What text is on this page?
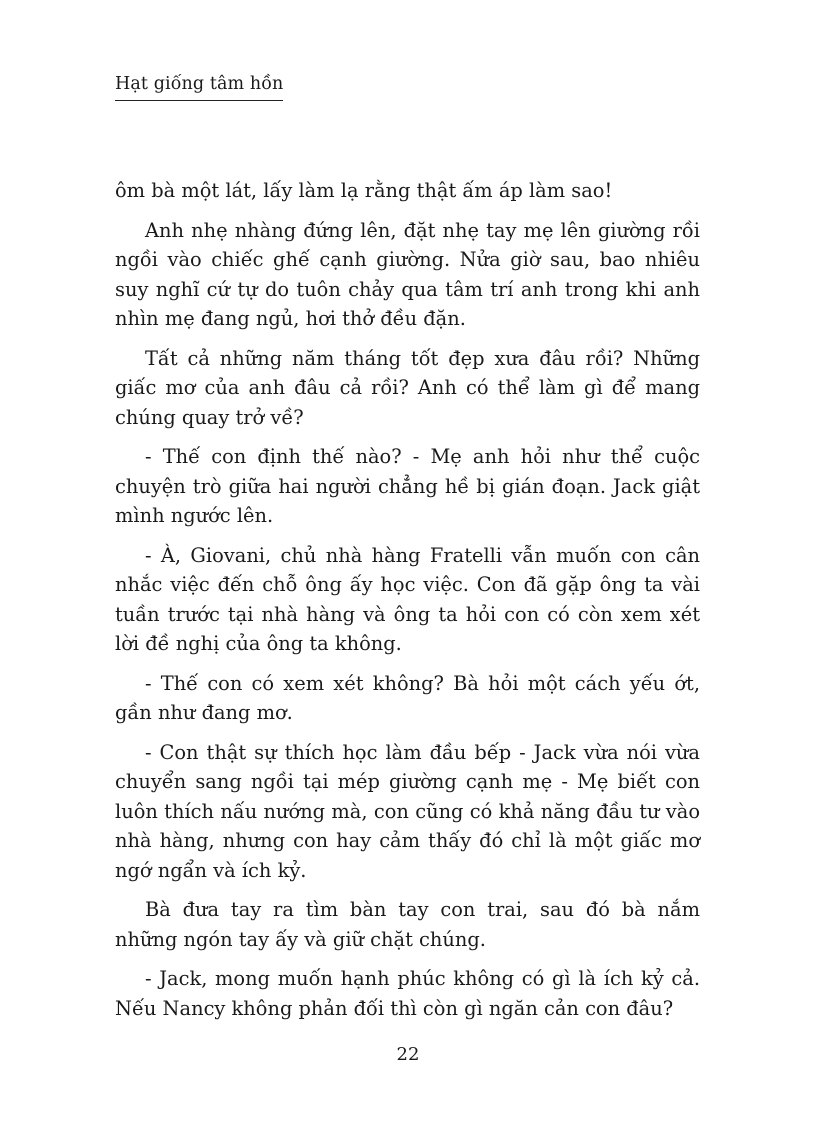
Hạt giống tâm hồn

ôm bà một lát, lấy làm lạ rằng thật ấm áp làm sao!

Anh nhẹ nhàng đứng lên, đặt nhẹ tay mẹ lên giường rồi ngồi vào chiếc ghế cạnh giường. Nửa giờ sau, bao nhiêu suy nghĩ cứ tự do tuôn chảy qua tâm trí anh trong khi anh nhìn mẹ đang ngủ, hơi thở đều đặn.

Tất cả những năm tháng tốt đẹp xưa đâu rồi? Những giấc mơ của anh đâu cả rồi? Anh có thể làm gì để mang chúng quay trở về?

- Thế con định thế nào? - Mẹ anh hỏi như thể cuộc chuyện trò giữa hai người chẳng hề bị gián đoạn. Jack giật mình ngước lên.

- À, Giovani, chủ nhà hàng Fratelli vẫn muốn con cân nhắc việc đến chỗ ông ấy học việc. Con đã gặp ông ta vài tuần trước tại nhà hàng và ông ta hỏi con có còn xem xét lời đề nghị của ông ta không.

- Thế con có xem xét không? Bà hỏi một cách yếu ớt, gần như đang mơ.

- Con thật sự thích học làm đầu bếp - Jack vừa nói vừa chuyển sang ngồi tại mép giường cạnh mẹ - Mẹ biết con luôn thích nấu nướng mà, con cũng có khả năng đầu tư vào nhà hàng, nhưng con hay cảm thấy đó chỉ là một giấc mơ ngớ ngẩn và ích kỷ.

Bà đưa tay ra tìm bàn tay con trai, sau đó bà nắm những ngón tay ấy và giữ chặt chúng.

- Jack, mong muốn hạnh phúc không có gì là ích kỷ cả. Nếu Nancy không phản đối thì còn gì ngăn cản con đâu?

22
